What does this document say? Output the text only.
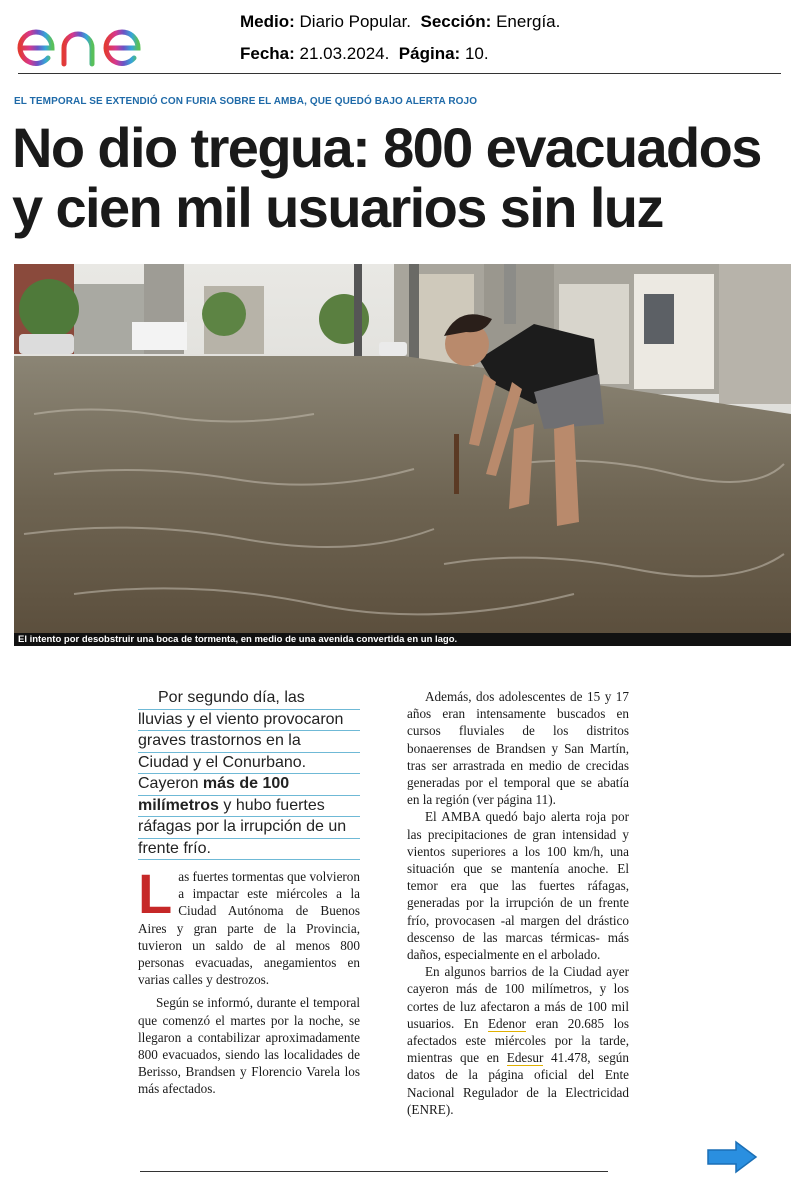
Medio: Diario Popular. Sección: Energía.
Fecha: 21.03.2024. Página: 10.
EL TEMPORAL SE EXTENDIÓ CON FURIA SOBRE EL AMBA, QUE QUEDÓ BAJO ALERTA ROJO
No dio tregua: 800 evacuados
y cien mil usuarios sin luz
El intento por desobstruir una boca de tormenta, en medio de una avenida convertida en un lago.
Por segundo día, las
lluvias y el viento provocaron
graves trastornos en la
Ciudad y el Conurbano.
Cayeron más de 100
milímetros y hubo fuertes
ráfagas por la irrupción de un
frente frío.

Las fuertes tormentas que volvieron a impactar este miércoles a la Ciudad Autónoma de Buenos Aires y gran parte de la Provincia, tuvieron un saldo de al menos 800 personas evacuadas, anegamientos en varias calles y destrozos.

Según se informó, durante el temporal que comenzó el martes por la noche, se llegaron a contabilizar aproximadamente 800 evacuados, siendo las localidades de Berisso, Brandsen y Florencio Varela los más afectados.

Además, dos adolescentes de 15 y 17 años eran intensamente buscados en cursos fluviales de los distritos bonaerenses de Brandsen y San Martín, tras ser arrastrada en medio de crecidas generadas por el temporal que se abatía en la región (ver página 11).

El AMBA quedó bajo alerta roja por las precipitaciones de gran intensidad y vientos superiores a los 100 km/h, una situación que se mantenía anoche. El temor era que las fuertes ráfagas, generadas por la irrupción de un frente frío, provocasen -al margen del drástico descenso de las marcas térmicas- más daños, especialmente en el arbolado.

En algunos barrios de la Ciudad ayer cayeron más de 100 milímetros, y los cortes de luz afectaron a más de 100 mil usuarios. En Edenor eran 20.685 los afectados este miércoles por la tarde, mientras que en Edesur 41.478, según datos de la página oficial del Ente Nacional Regulador de la Electricidad (ENRE).
